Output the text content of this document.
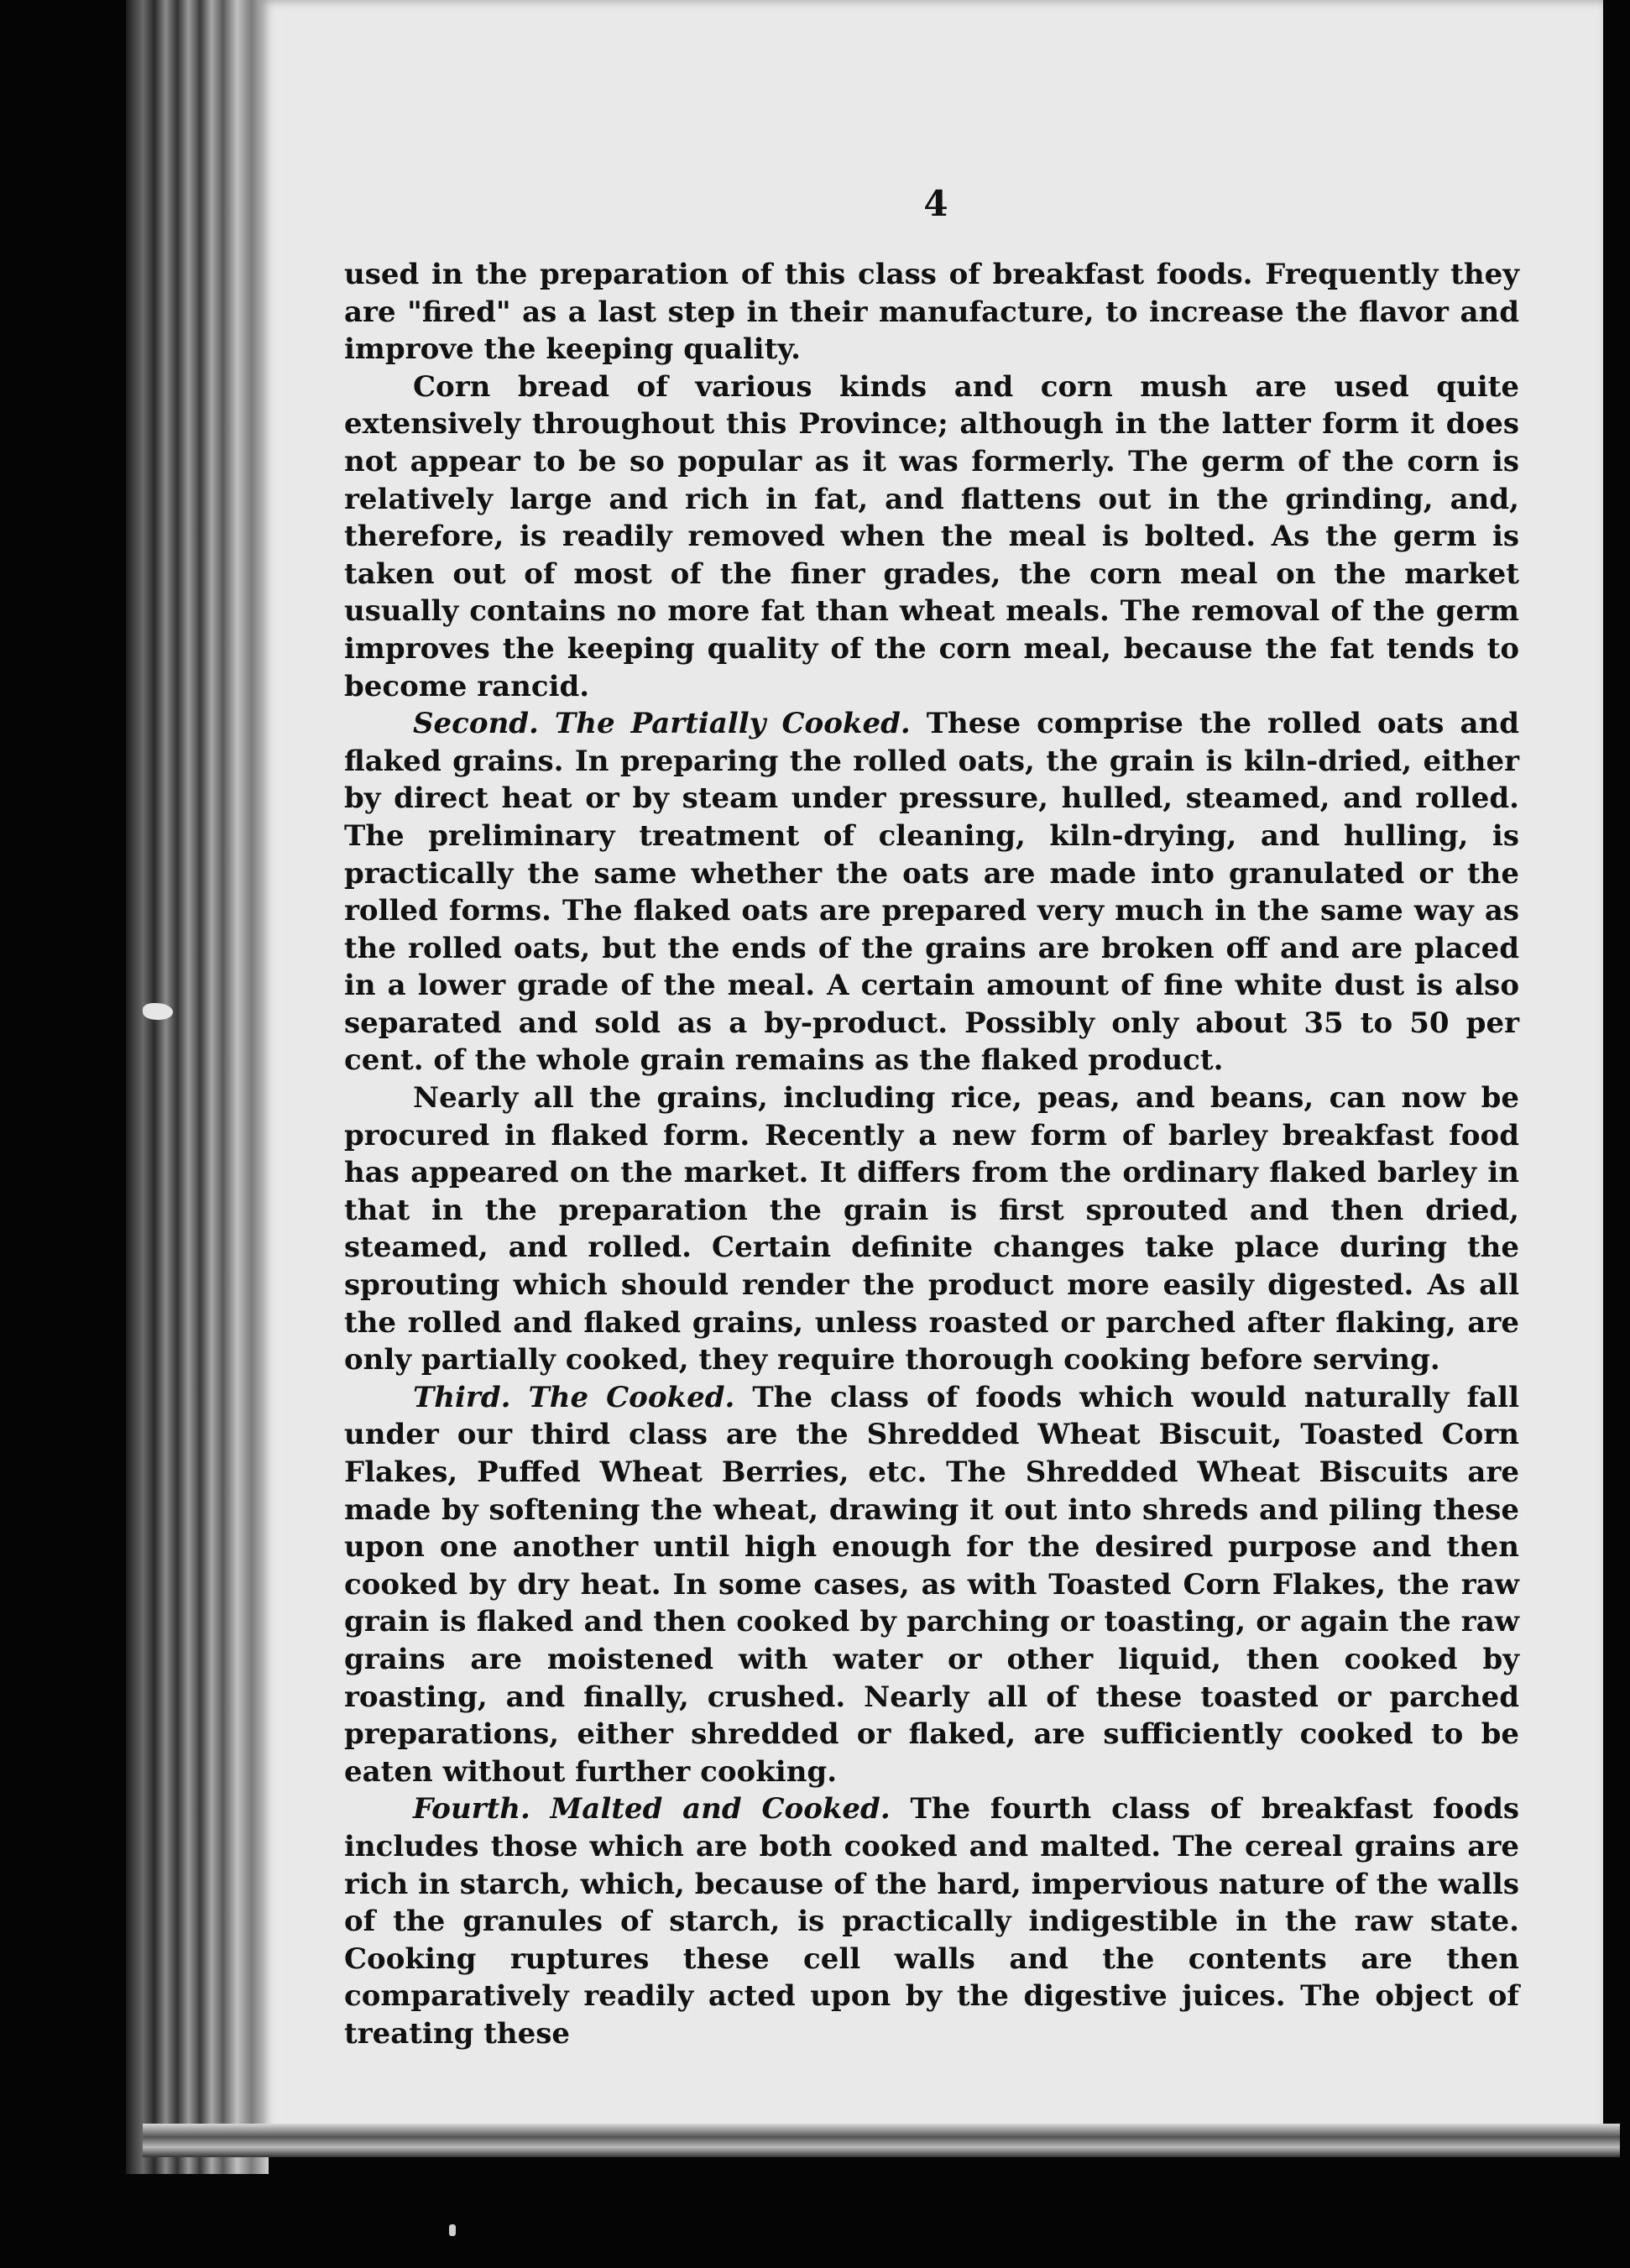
4

used in the preparation of this class of breakfast foods. Frequently they are "fired" as a last step in their manufacture, to increase the flavor and improve the keeping quality.

Corn bread of various kinds and corn mush are used quite extensively throughout this Province; although in the latter form it does not appear to be so popular as it was formerly. The germ of the corn is relatively large and rich in fat, and flattens out in the grinding, and, therefore, is readily removed when the meal is bolted. As the germ is taken out of most of the finer grades, the corn meal on the market usually contains no more fat than wheat meals. The removal of the germ improves the keeping quality of the corn meal, because the fat tends to become rancid.

Second. The Partially Cooked. These comprise the rolled oats and flaked grains. In preparing the rolled oats, the grain is kiln-dried, either by direct heat or by steam under pressure, hulled, steamed, and rolled. The preliminary treatment of cleaning, kiln-drying, and hulling, is practically the same whether the oats are made into granulated or the rolled forms. The flaked oats are prepared very much in the same way as the rolled oats, but the ends of the grains are broken off and are placed in a lower grade of the meal. A certain amount of fine white dust is also separated and sold as a by-product. Possibly only about 35 to 50 per cent. of the whole grain remains as the flaked product.

Nearly all the grains, including rice, peas, and beans, can now be procured in flaked form. Recently a new form of barley breakfast food has appeared on the market. It differs from the ordinary flaked barley in that in the preparation the grain is first sprouted and then dried, steamed, and rolled. Certain definite changes take place during the sprouting which should render the product more easily digested. As all the rolled and flaked grains, unless roasted or parched after flaking, are only partially cooked, they require thorough cooking before serving.

Third. The Cooked. The class of foods which would naturally fall under our third class are the Shredded Wheat Biscuit, Toasted Corn Flakes, Puffed Wheat Berries, etc. The Shredded Wheat Biscuits are made by softening the wheat, drawing it out into shreds and piling these upon one another until high enough for the desired purpose and then cooked by dry heat. In some cases, as with Toasted Corn Flakes, the raw grain is flaked and then cooked by parching or toasting, or again the raw grains are moistened with water or other liquid, then cooked by roasting, and finally, crushed. Nearly all of these toasted or parched preparations, either shredded or flaked, are sufficiently cooked to be eaten without further cooking.

Fourth. Malted and Cooked. The fourth class of breakfast foods includes those which are both cooked and malted. The cereal grains are rich in starch, which, because of the hard, impervious nature of the walls of the granules of starch, is practically indigestible in the raw state. Cooking ruptures these cell walls and the contents are then comparatively readily acted upon by the digestive juices. The object of treating these
